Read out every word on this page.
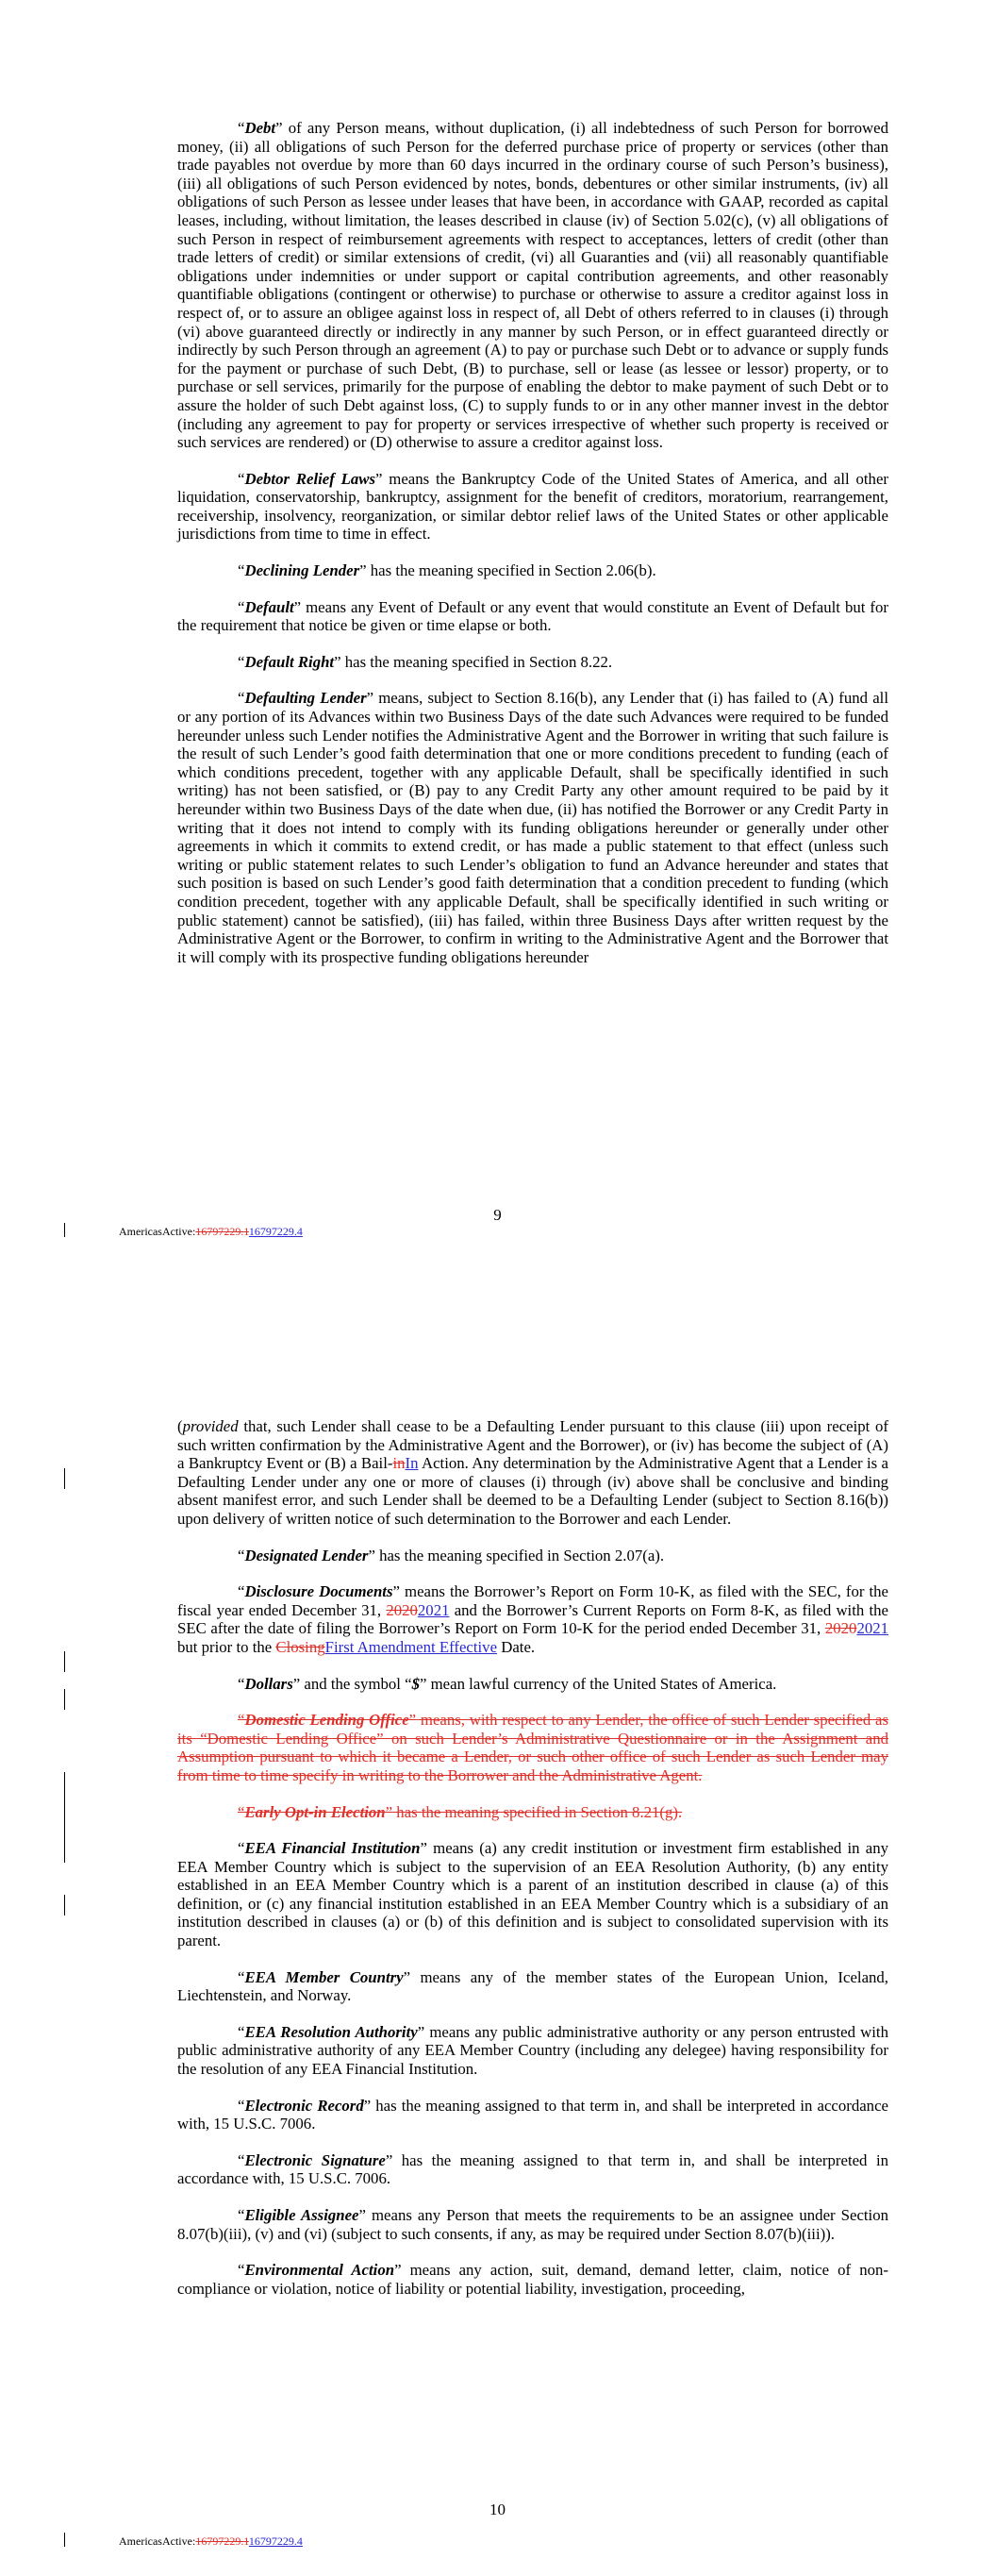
“Debt” of any Person means, without duplication, (i) all indebtedness of such Person for borrowed money, (ii) all obligations of such Person for the deferred purchase price of property or services (other than trade payables not overdue by more than 60 days incurred in the ordinary course of such Person’s business), (iii) all obligations of such Person evidenced by notes, bonds, debentures or other similar instruments, (iv) all obligations of such Person as lessee under leases that have been, in accordance with GAAP, recorded as capital leases, including, without limitation, the leases described in clause (iv) of Section 5.02(c), (v) all obligations of such Person in respect of reimbursement agreements with respect to acceptances, letters of credit (other than trade letters of credit) or similar extensions of credit, (vi) all Guaranties and (vii) all reasonably quantifiable obligations under indemnities or under support or capital contribution agreements, and other reasonably quantifiable obligations (contingent or otherwise) to purchase or otherwise to assure a creditor against loss in respect of, or to assure an obligee against loss in respect of, all Debt of others referred to in clauses (i) through (vi) above guaranteed directly or indirectly in any manner by such Person, or in effect guaranteed directly or indirectly by such Person through an agreement (A) to pay or purchase such Debt or to advance or supply funds for the payment or purchase of such Debt, (B) to purchase, sell or lease (as lessee or lessor) property, or to purchase or sell services, primarily for the purpose of enabling the debtor to make payment of such Debt or to assure the holder of such Debt against loss, (C) to supply funds to or in any other manner invest in the debtor (including any agreement to pay for property or services irrespective of whether such property is received or such services are rendered) or (D) otherwise to assure a creditor against loss.

“Debtor Relief Laws” means the Bankruptcy Code of the United States of America, and all other liquidation, conservatorship, bankruptcy, assignment for the benefit of creditors, moratorium, rearrangement, receivership, insolvency, reorganization, or similar debtor relief laws of the United States or other applicable jurisdictions from time to time in effect.

“Declining Lender” has the meaning specified in Section 2.06(b).

“Default” means any Event of Default or any event that would constitute an Event of Default but for the requirement that notice be given or time elapse or both.

“Default Right” has the meaning specified in Section 8.22.

“Defaulting Lender” means, subject to Section 8.16(b), any Lender that (i) has failed to (A) fund all or any portion of its Advances within two Business Days of the date such Advances were required to be funded hereunder unless such Lender notifies the Administrative Agent and the Borrower in writing that such failure is the result of such Lender’s good faith determination that one or more conditions precedent to funding (each of which conditions precedent, together with any applicable Default, shall be specifically identified in such writing) has not been satisfied, or (B) pay to any Credit Party any other amount required to be paid by it hereunder within two Business Days of the date when due, (ii) has notified the Borrower or any Credit Party in writing that it does not intend to comply with its funding obligations hereunder or generally under other agreements in which it commits to extend credit, or has made a public statement to that effect (unless such writing or public statement relates to such Lender’s obligation to fund an Advance hereunder and states that such position is based on such Lender’s good faith determination that a condition precedent to funding (which condition precedent, together with any applicable Default, shall be specifically identified in such writing or public statement) cannot be satisfied), (iii) has failed, within three Business Days after written request by the Administrative Agent or the Borrower, to confirm in writing to the Administrative Agent and the Borrower that it will comply with its prospective funding obligations hereunder

9
AmericasActive:16797229.116797229.4

(provided that, such Lender shall cease to be a Defaulting Lender pursuant to this clause (iii) upon receipt of such written confirmation by the Administrative Agent and the Borrower), or (iv) has become the subject of (A) a Bankruptcy Event or (B) a Bail-inIn Action. Any determination by the Administrative Agent that a Lender is a Defaulting Lender under any one or more of clauses (i) through (iv) above shall be conclusive and binding absent manifest error, and such Lender shall be deemed to be a Defaulting Lender (subject to Section 8.16(b)) upon delivery of written notice of such determination to the Borrower and each Lender.

“Designated Lender” has the meaning specified in Section 2.07(a).

“Disclosure Documents” means the Borrower’s Report on Form 10-K, as filed with the SEC, for the fiscal year ended December 31, 20202021 and the Borrower’s Current Reports on Form 8-K, as filed with the SEC after the date of filing the Borrower’s Report on Form 10-K for the period ended December 31, 20202021 but prior to the ClosingFirst Amendment Effective Date.

“Dollars” and the symbol “$” mean lawful currency of the United States of America.

“Domestic Lending Office” means, with respect to any Lender, the office of such Lender specified as its “Domestic Lending Office” on such Lender’s Administrative Questionnaire or in the Assignment and Assumption pursuant to which it became a Lender, or such other office of such Lender as such Lender may from time to time specify in writing to the Borrower and the Administrative Agent.

“Early Opt-in Election” has the meaning specified in Section 8.21(g).

“EEA Financial Institution” means (a) any credit institution or investment firm established in any EEA Member Country which is subject to the supervision of an EEA Resolution Authority, (b) any entity established in an EEA Member Country which is a parent of an institution described in clause (a) of this definition, or (c) any financial institution established in an EEA Member Country which is a subsidiary of an institution described in clauses (a) or (b) of this definition and is subject to consolidated supervision with its parent.

“EEA Member Country” means any of the member states of the European Union, Iceland, Liechtenstein, and Norway.

“EEA Resolution Authority” means any public administrative authority or any person entrusted with public administrative authority of any EEA Member Country (including any delegee) having responsibility for the resolution of any EEA Financial Institution.

“Electronic Record” has the meaning assigned to that term in, and shall be interpreted in accordance with, 15 U.S.C. 7006.

“Electronic Signature” has the meaning assigned to that term in, and shall be interpreted in accordance with, 15 U.S.C. 7006.

“Eligible Assignee” means any Person that meets the requirements to be an assignee under Section 8.07(b)(iii), (v) and (vi) (subject to such consents, if any, as may be required under Section 8.07(b)(iii)).

“Environmental Action” means any action, suit, demand, demand letter, claim, notice of non-compliance or violation, notice of liability or potential liability, investigation, proceeding,

10
AmericasActive:16797229.116797229.4
